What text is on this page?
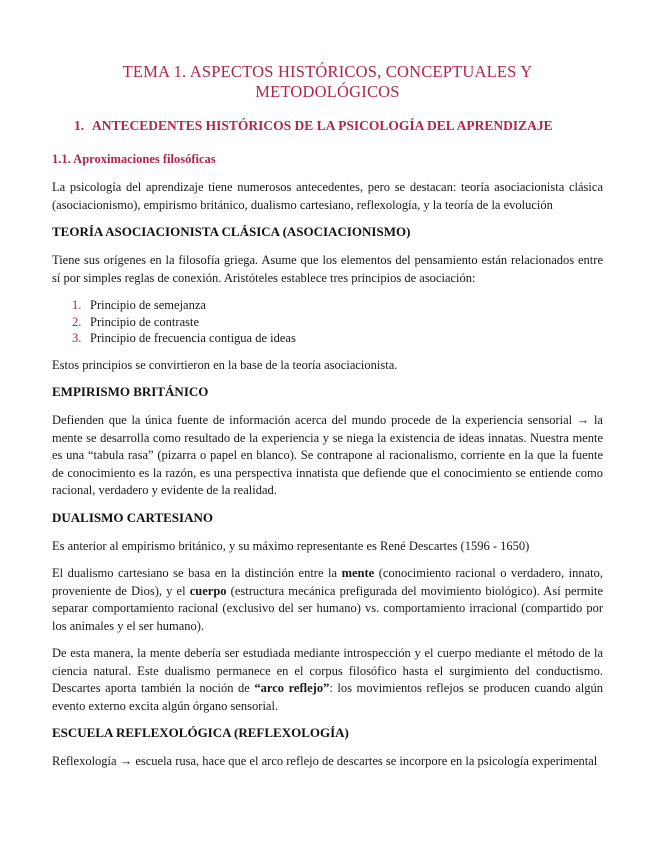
TEMA 1. ASPECTOS HISTÓRICOS, CONCEPTUALES Y METODOLÓGICOS
1. ANTECEDENTES HISTÓRICOS DE LA PSICOLOGÍA DEL APRENDIZAJE
1.1. Aproximaciones filosóficas

La psicología del aprendizaje tiene numerosos antecedentes, pero se destacan: teoría asociacionista clásica (asociacionismo), empirismo británico, dualismo cartesiano, reflexología, y la teoría de la evolución

TEORÍA ASOCIACIONISTA CLÁSICA (ASOCIACIONISMO)

Tiene sus orígenes en la filosofía griega. Asume que los elementos del pensamiento están relacionados entre sí por simples reglas de conexión. Aristóteles establece tres principios de asociación:

1. Principio de semejanza
2. Principio de contraste
3. Principio de frecuencia contigua de ideas

Estos principios se convirtieron en la base de la teoría asociacionista.

EMPIRISMO BRITÁNICO

Defienden que la única fuente de información acerca del mundo procede de la experiencia sensorial → la mente se desarrolla como resultado de la experiencia y se niega la existencia de ideas innatas. Nuestra mente es una “tabula rasa” (pizarra o papel en blanco). Se contrapone al racionalismo, corriente en la que la fuente de conocimiento es la razón, es una perspectiva innatista que defiende que el conocimiento se entiende como racional, verdadero y evidente de la realidad.

DUALISMO CARTESIANO

Es anterior al empirismo británico, y su máximo representante es René Descartes (1596 - 1650)

El dualismo cartesiano se basa en la distinción entre la mente (conocimiento racional o verdadero, innato, proveniente de Dios), y el cuerpo (estructura mecánica prefigurada del movimiento biológico). Así permite separar comportamiento racional (exclusivo del ser humano) vs. comportamiento irracional (compartido por los animales y el ser humano).

De esta manera, la mente debería ser estudiada mediante introspección y el cuerpo mediante el método de la ciencia natural. Este dualismo permanece en el corpus filosófico hasta el surgimiento del conductismo. Descartes aporta también la noción de “arco reflejo”: los movimientos reflejos se producen cuando algún evento externo excita algún órgano sensorial.

ESCUELA REFLEXOLÓGICA (REFLEXOLOGÍA)

Reflexología → escuela rusa, hace que el arco reflejo de descartes se incorpore en la psicología experimental
